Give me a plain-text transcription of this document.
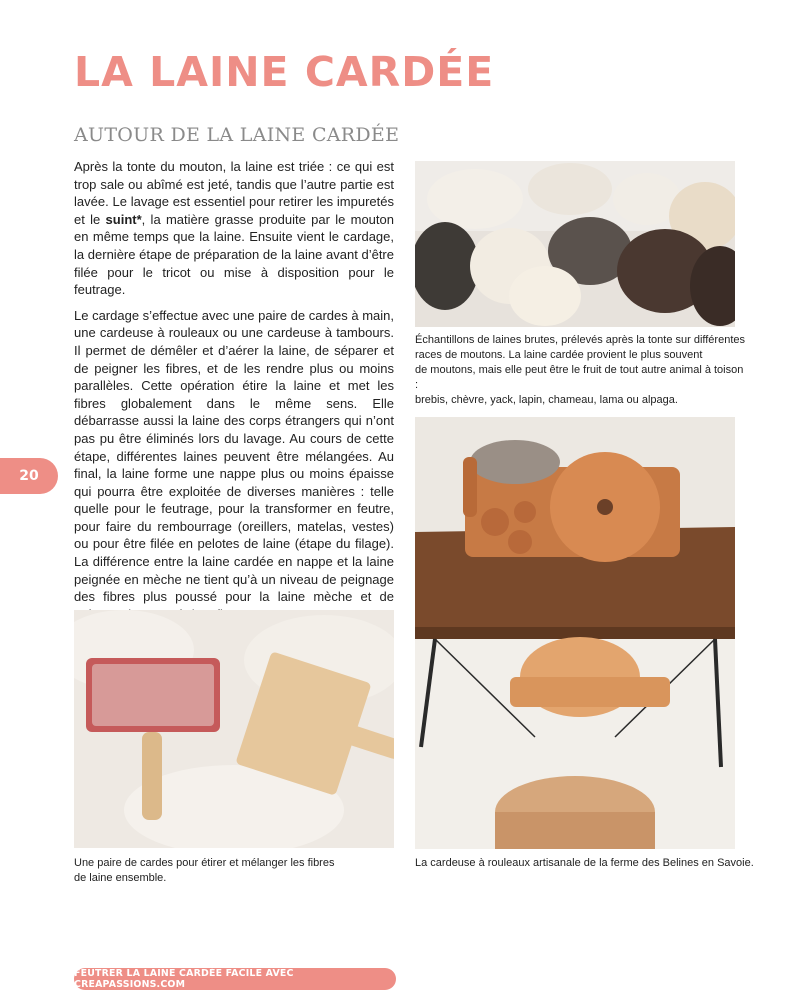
LA LAINE CARDÉE
AUTOUR DE LA LAINE CARDÉE

Après la tonte du mouton, la laine est triée : ce qui est trop sale ou abîmé est jeté, tandis que l’autre partie est lavée. Le lavage est essentiel pour retirer les impuretés et le suint*, la matière grasse produite par le mouton en même temps que la laine. Ensuite vient le cardage, la dernière étape de préparation de la laine avant d’être filée pour le tricot ou mise à disposition pour le feutrage.

Le cardage s’effectue avec une paire de cardes à main, une cardeuse à rouleaux ou une cardeuse à tambours. Il permet de démêler et d’aérer la laine, de séparer et de peigner les fibres, et de les rendre plus ou moins parallèles. Cette opération étire la laine et met les fibres globalement dans le même sens. Elle débarrasse aussi la laine des corps étrangers qui n’ont pas pu être éliminés lors du lavage. Au cours de cette étape, différentes laines peuvent être mélangées. Au final, la laine forme une nappe plus ou moins épaisse qui pourra être exploitée de diverses manières : telle quelle pour le feutrage, pour la transformer en feutre, pour faire du rembourrage (oreillers, matelas, vestes) ou pour être filée en pelotes de laine (étape du filage). La différence entre la laine cardée en nappe et la laine peignée en mèche ne tient qu’à un niveau de peignage des fibres plus poussé pour la laine mèche et de

20
Échantillons de laines brutes, prélevés après la tonte sur différentes
races de moutons. La laine cardée provient le plus souvent
de moutons, mais elle peut être le fruit de tout autre animal à toison :
brebis, chèvre, yack, lapin, chameau, lama ou alpaga.
La cardeuse à rouleaux artisanale de la ferme des Belines en Savoie.
Une paire de cardes pour étirer et mélanger les fibres
de laine ensemble.
FEUTRER LA LAINE CARDÉE FACILE AVEC CREAPASSIONS.COM
